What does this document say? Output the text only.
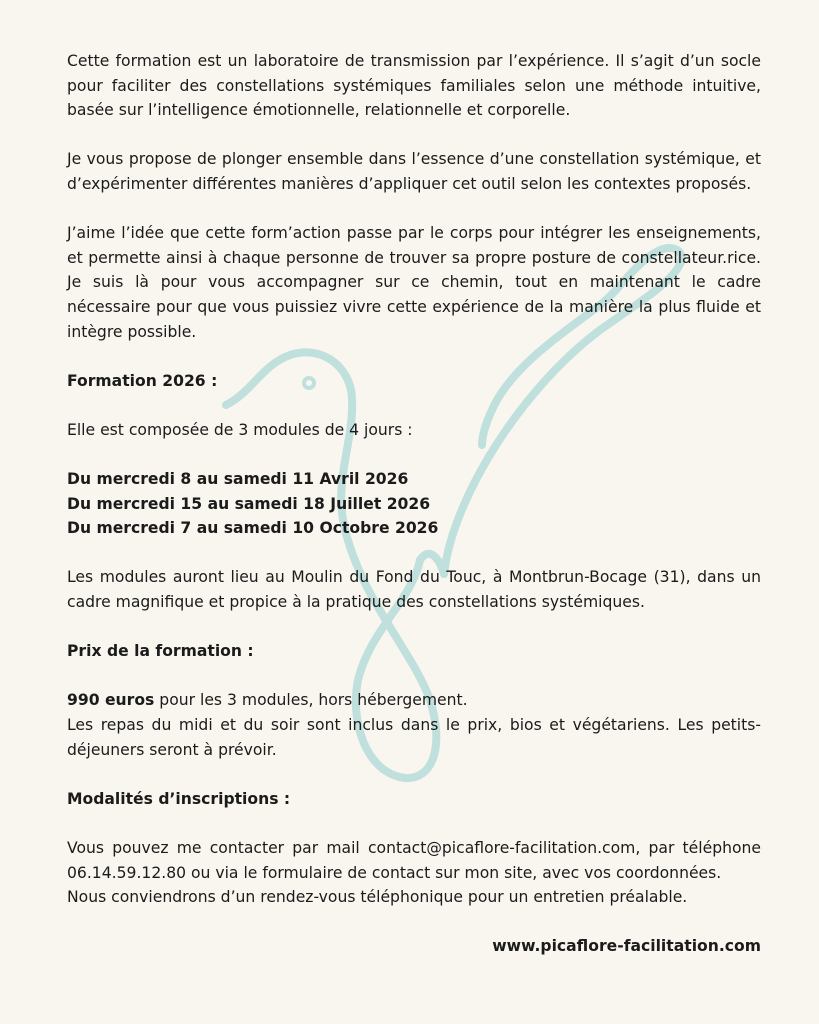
Cette formation est un laboratoire de transmission par l’expérience. Il s’agit d’un socle pour faciliter des constellations systémiques familiales selon une méthode intuitive, basée sur l’intelligence émotionnelle, relationnelle et corporelle.

Je vous propose de plonger ensemble dans l’essence d’une constellation systémique, et d’expérimenter différentes manières d’appliquer cet outil selon les contextes proposés.

J’aime l’idée que cette form’action passe par le corps pour intégrer les enseignements, et permette ainsi à chaque personne de trouver sa propre posture de constellateur.rice. Je suis là pour vous accompagner sur ce chemin, tout en maintenant le cadre nécessaire pour que vous puissiez vivre cette expérience de la manière la plus fluide et intègre possible.

Formation 2026 :

Elle est composée de 3 modules de 4 jours :

Du mercredi 8 au samedi 11 Avril 2026

Du mercredi 15 au samedi 18 Juillet 2026

Du mercredi 7 au samedi 10 Octobre 2026

Les modules auront lieu au Moulin du Fond du Touc, à Montbrun-Bocage (31), dans un cadre magnifique et propice à la pratique des constellations systémiques.

Prix de la formation :

990 euros pour les 3 modules, hors hébergement.

Les repas du midi et du soir sont inclus dans le prix, bios et végétariens. Les petits-déjeuners seront à prévoir.

Modalités d’inscriptions :

Vous pouvez me contacter par mail contact@picaflore-facilitation.com, par téléphone 06.14.59.12.80 ou via le formulaire de contact sur mon site, avec vos coordonnées.

Nous conviendrons d’un rendez-vous téléphonique pour un entretien préalable.

www.picaflore-facilitation.com
